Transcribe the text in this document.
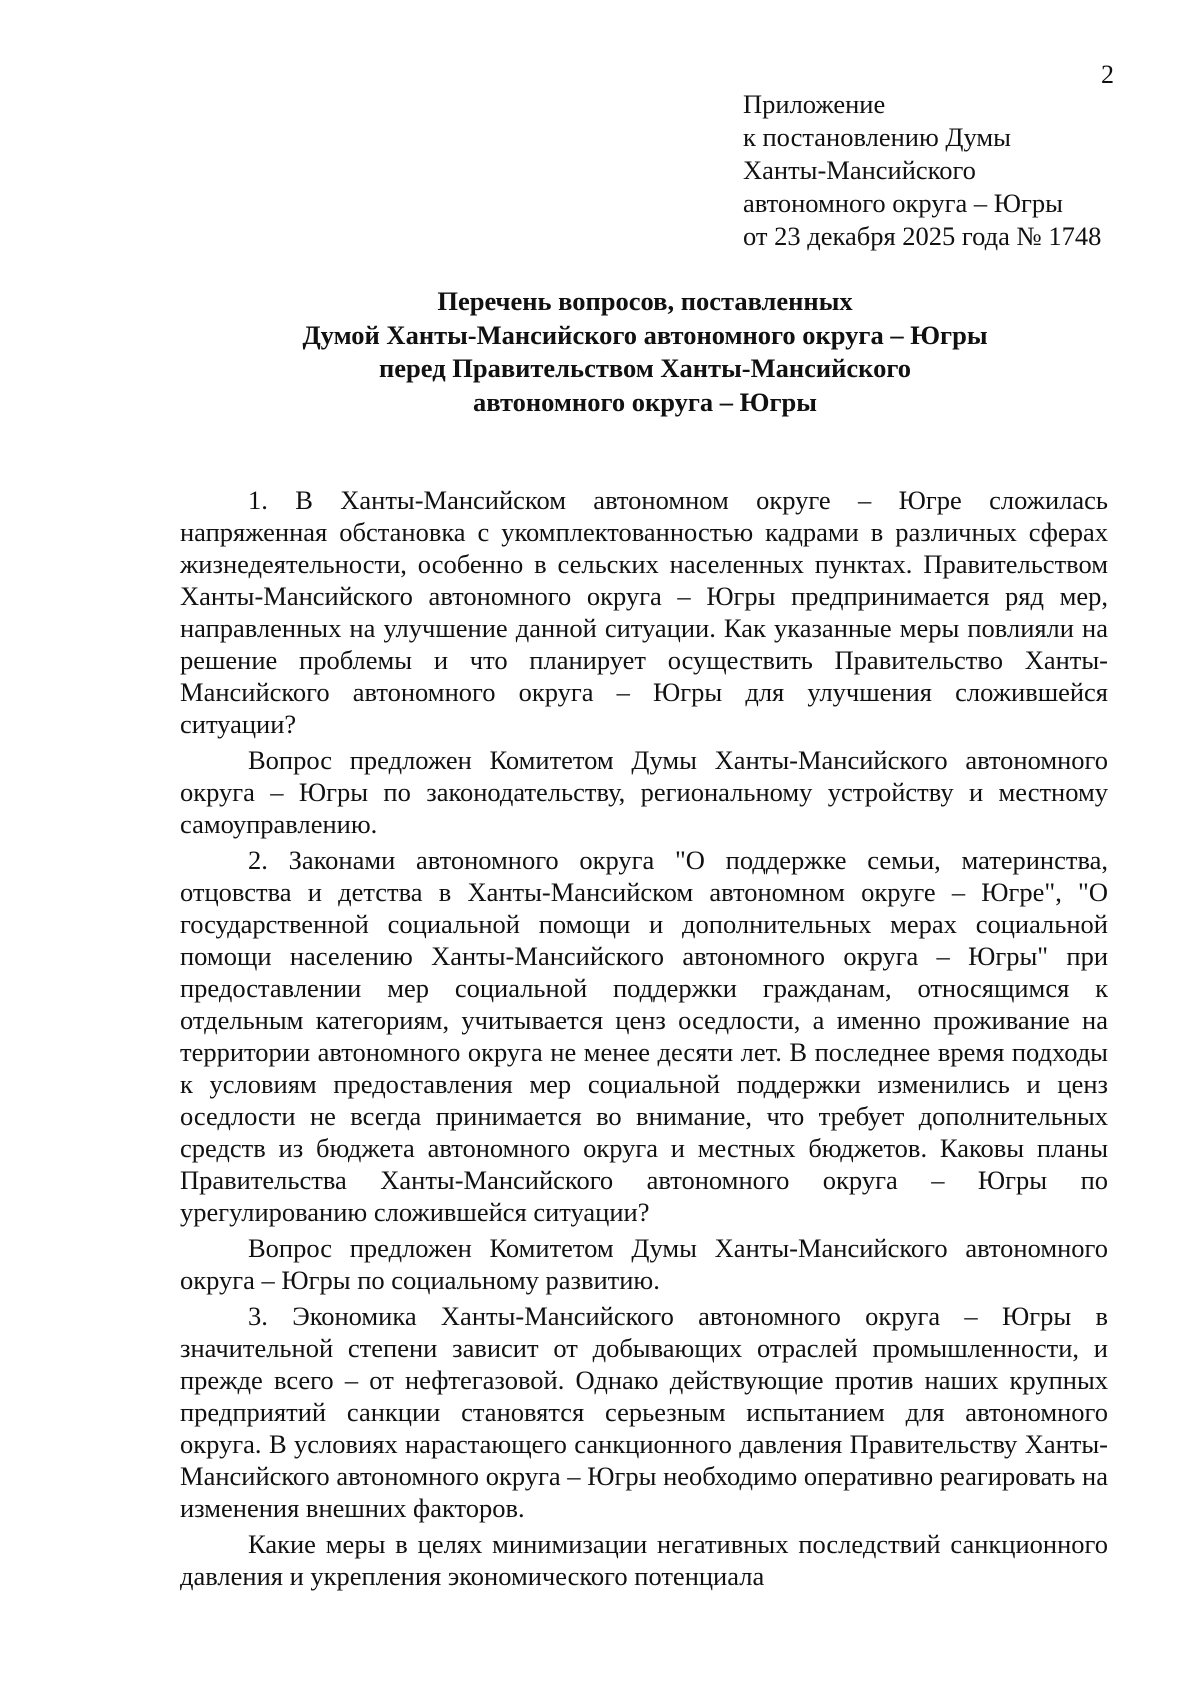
2
Приложение
к постановлению Думы
Ханты-Мансийского
автономного округа – Югры
от 23 декабря 2025 года № 1748
Перечень вопросов, поставленных
Думой Ханты-Мансийского автономного округа – Югры
перед Правительством Ханты-Мансийского
автономного округа – Югры

1. В Ханты-Мансийском автономном округе – Югре сложилась напряженная обстановка с укомплектованностью кадрами в различных сферах жизнедеятельности, особенно в сельских населенных пунктах. Правительством Ханты-Мансийского автономного округа – Югры предпринимается ряд мер, направленных на улучшение данной ситуации. Как указанные меры повлияли на решение проблемы и что планирует осуществить Правительство Ханты-Мансийского автономного округа – Югры для улучшения сложившейся ситуации?

Вопрос предложен Комитетом Думы Ханты-Мансийского автономного округа – Югры по законодательству, региональному устройству и местному самоуправлению.

2. Законами автономного округа "О поддержке семьи, материнства, отцовства и детства в Ханты-Мансийском автономном округе – Югре", "О государственной социальной помощи и дополнительных мерах социальной помощи населению Ханты-Мансийского автономного округа – Югры" при предоставлении мер социальной поддержки гражданам, относящимся к отдельным категориям, учитывается ценз оседлости, а именно проживание на территории автономного округа не менее десяти лет. В последнее время подходы к условиям предоставления мер социальной поддержки изменились и ценз оседлости не всегда принимается во внимание, что требует дополнительных средств из бюджета автономного округа и местных бюджетов. Каковы планы Правительства Ханты-Мансийского автономного округа – Югры по урегулированию сложившейся ситуации?

Вопрос предложен Комитетом Думы Ханты-Мансийского автономного округа – Югры по социальному развитию.

3. Экономика Ханты-Мансийского автономного округа – Югры в значительной степени зависит от добывающих отраслей промышленности, и прежде всего – от нефтегазовой. Однако действующие против наших крупных предприятий санкции становятся серьезным испытанием для автономного округа. В условиях нарастающего санкционного давления Правительству Ханты-Мансийского автономного округа – Югры необходимо оперативно реагировать на изменения внешних факторов.

Какие меры в целях минимизации негативных последствий санкционного давления и укрепления экономического потенциала
